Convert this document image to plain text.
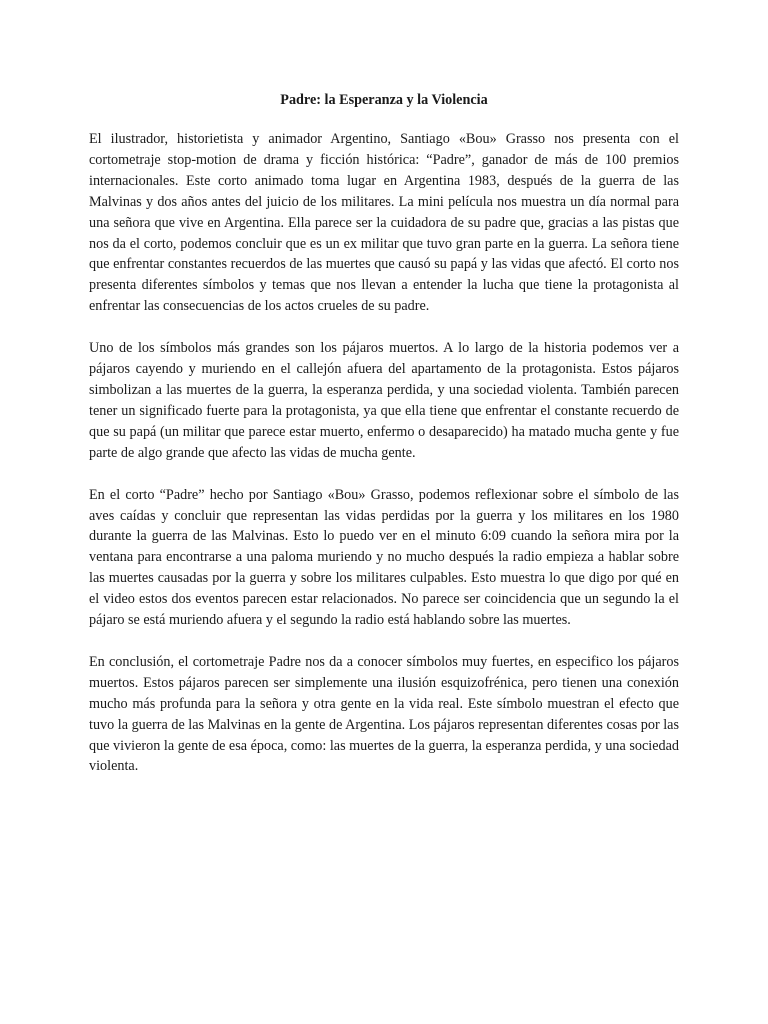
Padre: la Esperanza y la Violencia

El ilustrador, historietista y animador Argentino, Santiago «Bou» Grasso nos presenta con el cortometraje stop-motion de drama y ficción histórica: “Padre”, ganador de más de 100 premios internacionales. Este corto animado toma lugar en Argentina 1983, después de la guerra de las Malvinas y dos años antes del juicio de los militares. La mini película nos muestra un día normal para una señora que vive en Argentina. Ella parece ser la cuidadora de su padre que, gracias a las pistas que nos da el corto, podemos concluir que es un ex militar que tuvo gran parte en la guerra. La señora tiene que enfrentar constantes recuerdos de las muertes que causó su papá y las vidas que afectó. El corto nos presenta diferentes símbolos y temas que nos llevan a entender la lucha que tiene la protagonista al enfrentar las consecuencias de los actos crueles de su padre.

Uno de los símbolos más grandes son los pájaros muertos. A lo largo de la historia podemos ver a pájaros cayendo y muriendo en el callejón afuera del apartamento de la protagonista. Estos pájaros simbolizan a las muertes de la guerra, la esperanza perdida, y una sociedad violenta. También parecen tener un significado fuerte para la protagonista, ya que ella tiene que enfrentar el constante recuerdo de que su papá (un militar que parece estar muerto, enfermo o desaparecido) ha matado mucha gente y fue parte de algo grande que afecto las vidas de mucha gente.

En el corto “Padre” hecho por Santiago «Bou» Grasso, podemos reflexionar sobre el símbolo de las aves caídas y concluir que representan las vidas perdidas por la guerra y los militares en los 1980 durante la guerra de las Malvinas. Esto lo puedo ver en el minuto 6:09 cuando la señora mira por la ventana para encontrarse a una paloma muriendo y no mucho después la radio empieza a hablar sobre las muertes causadas por la guerra y sobre los militares culpables. Esto muestra lo que digo por qué en el video estos dos eventos parecen estar relacionados. No parece ser coincidencia que un segundo la el pájaro se está muriendo afuera y el segundo la radio está hablando sobre las muertes.

En conclusión, el cortometraje Padre nos da a conocer símbolos muy fuertes, en especifico los pájaros muertos. Estos pájaros parecen ser simplemente una ilusión esquizofrénica, pero tienen una conexión mucho más profunda para la señora y otra gente en la vida real. Este símbolo muestran el efecto que tuvo la guerra de las Malvinas en la gente de Argentina. Los pájaros representan diferentes cosas por las que vivieron la gente de esa época, como: las muertes de la guerra, la esperanza perdida, y una sociedad violenta.
